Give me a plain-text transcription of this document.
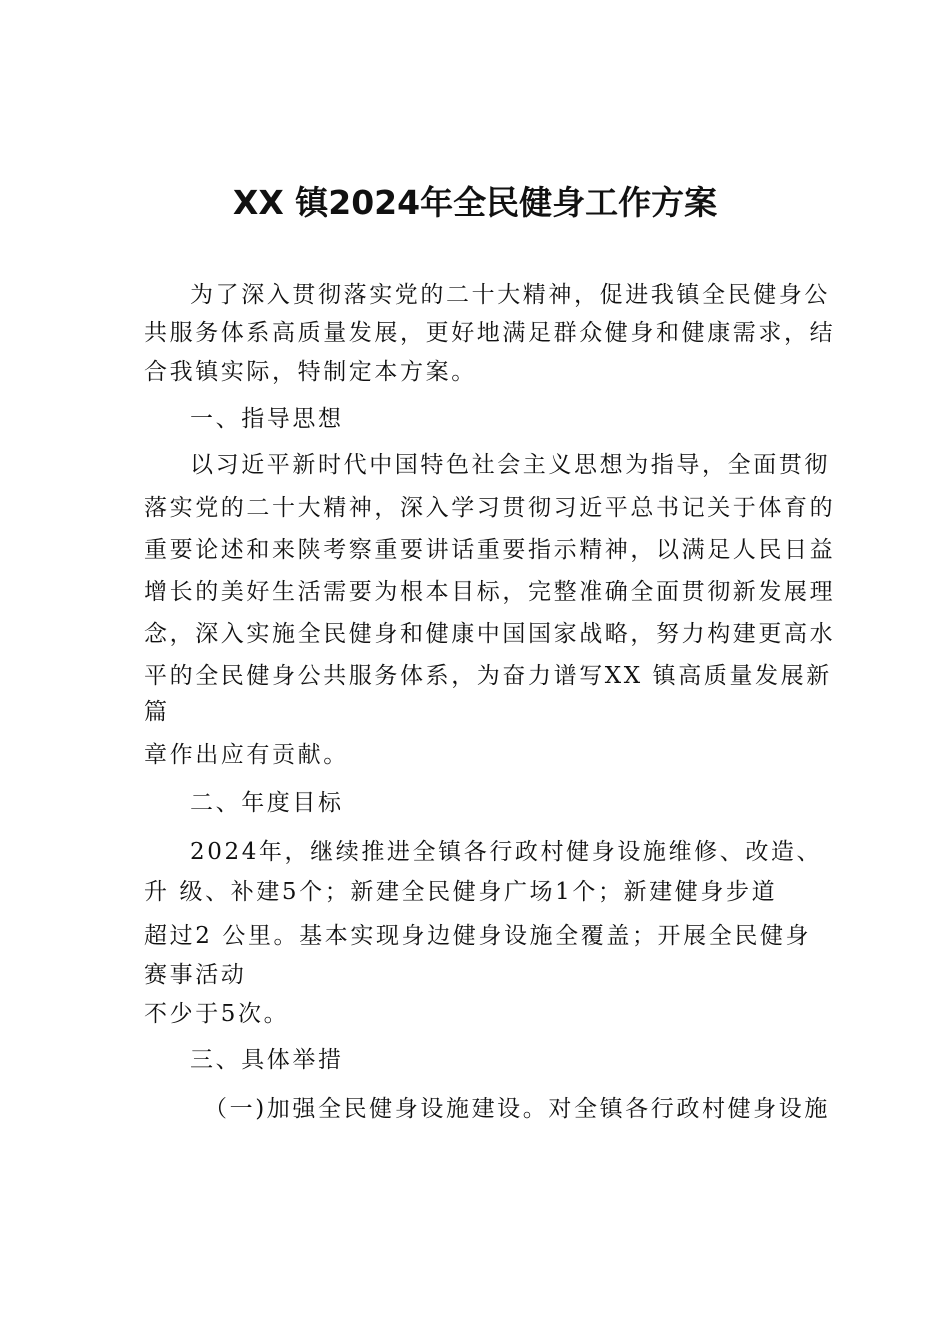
XX 镇2024年全民健身工作方案
为了深入贯彻落实党的二十大精神，促进我镇全民健身公
共服务体系高质量发展，更好地满足群众健身和健康需求，结
合我镇实际，特制定本方案。
一、指导思想
以习近平新时代中国特色社会主义思想为指导，全面贯彻
落实党的二十大精神，深入学习贯彻习近平总书记关于体育的
重要论述和来陕考察重要讲话重要指示精神，以满足人民日益
增长的美好生活需要为根本目标，完整准确全面贯彻新发展理
念，深入实施全民健身和健康中国国家战略，努力构建更高水
平的全民健身公共服务体系，为奋力谱写XX 镇高质量发展新
篇
章作出应有贡献。
二、年度目标
2024年，继续推进全镇各行政村健身设施维修、改造、
升 级、补建5个；新建全民健身广场1个；新建健身步道
超过2 公里。基本实现身边健身设施全覆盖；开展全民健身
赛事活动
不少于5次。
三、具体举措
（一)加强全民健身设施建设。对全镇各行政村健身设施
